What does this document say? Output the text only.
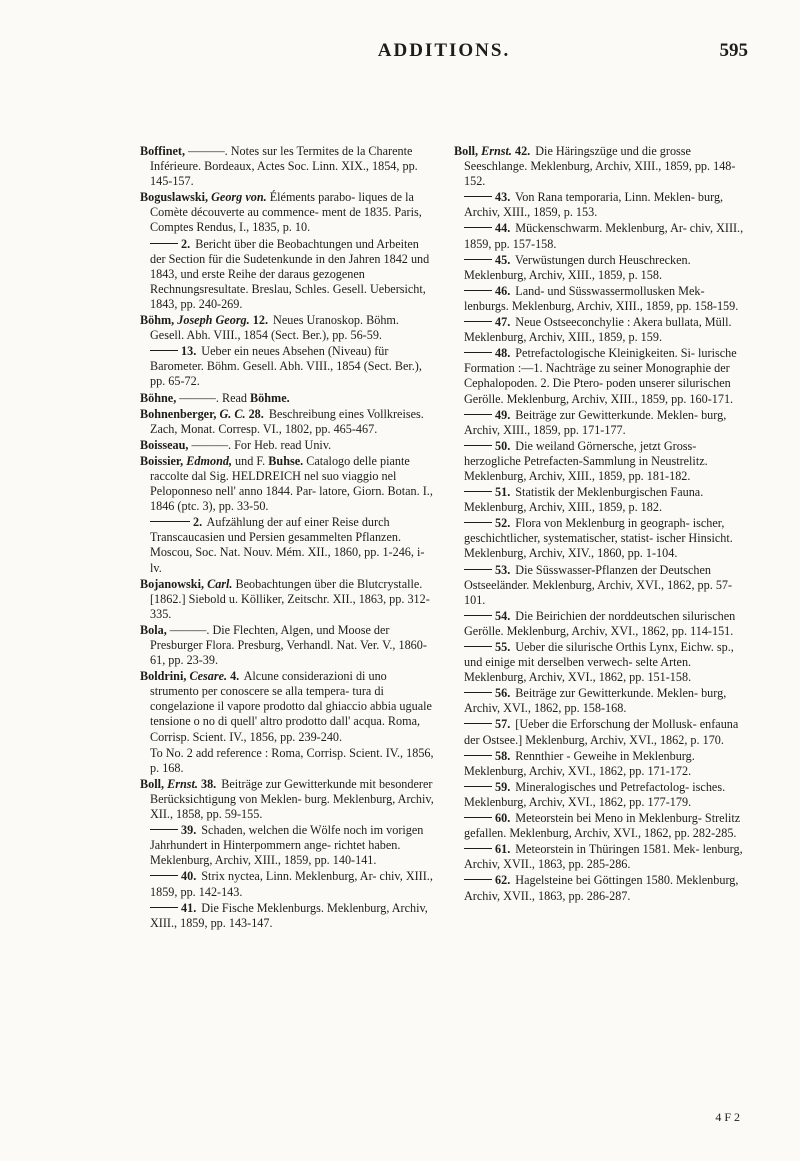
ADDITIONS.	595
Boffinet, ———. Notes sur les Termites de la Charente Inférieure. Bordeaux, Actes Soc. Linn. XIX., 1854, pp. 145-157.
Boguslawski, Georg von. Éléments parabo- liques de la Comète découverte au commence- ment de 1835. Paris, Comptes Rendus, I., 1835, p. 10.
2. Bericht über die Beobachtungen und Arbeiten der Section für die Sudetenkunde in den Jahren 1842 und 1843, und erste Reihe der daraus gezogenen Rechnungsresultate. Breslau, Schles. Gesell. Uebersicht, 1843, pp. 240-269.
Böhm, Joseph Georg. 12. Neues Uranoskop. Böhm. Gesell. Abh. VIII., 1854 (Sect. Ber.), pp. 56-59.
13. Ueber ein neues Absehen (Niveau) für Barometer. Böhm. Gesell. Abh. VIII., 1854 (Sect. Ber.), pp. 65-72.
Böhne, ———. Read Böhme.
Bohnenberger, G. C. 28. Beschreibung eines Vollkreises. Zach, Monat. Corresp. VI., 1802, pp. 465-467.
Boisseau, ———. For Heb. read Univ.
Boissier, Edmond, und F. Buhse. Catalogo delle piante raccolte dal Sig. HELDREICH nel suo viaggio nel Peloponneso nell' anno 1844. Par- latore, Giorn. Botan. I., 1846 (ptc. 3), pp. 33-50.
2. Aufzählung der auf einer Reise durch Transcaucasien und Persien gesammelten Pflanzen. Moscou, Soc. Nat. Nouv. Mém. XII., 1860, pp. 1-246, i-lv.
Bojanowski, Carl. Beobachtungen über die Blutcrystalle. [1862.] Siebold u. Kölliker, Zeitschr. XII., 1863, pp. 312-335.
Bola, ———. Die Flechten, Algen, und Moose der Presburger Flora. Presburg, Verhandl. Nat. Ver. V., 1860-61, pp. 23-39.
Boldrini, Cesare. 4. Alcune considerazioni di uno strumento per conoscere se alla tempera- tura di congelazione il vapore prodotto dal ghiaccio abbia uguale tensione o no di quell' altro prodotto dall' acqua. Roma, Corrisp. Scient. IV., 1856, pp. 239-240.
To No. 2 add reference : Roma, Corrisp. Scient. IV., 1856, p. 168.
Boll, Ernst. 38. Beiträge zur Gewitterkunde mit besonderer Berücksichtigung von Meklen- burg. Meklenburg, Archiv, XII., 1858, pp. 59-155.
39. Schaden, welchen die Wölfe noch im vorigen Jahrhundert in Hinterpommern ange- richtet haben. Meklenburg, Archiv, XIII., 1859, pp. 140-141.
40. Strix nyctea, Linn. Meklenburg, Ar- chiv, XIII., 1859, pp. 142-143.
41. Die Fische Meklenburgs. Meklenburg, Archiv, XIII., 1859, pp. 143-147.
Boll, Ernst. 42. Die Häringszüge und die grosse Seeschlange. Meklenburg, Archiv, XIII., 1859, pp. 148-152.
43. Von Rana temporaria, Linn. Meklen- burg, Archiv, XIII., 1859, p. 153.
44. Mückenschwarm. Meklenburg, Ar- chiv, XIII., 1859, pp. 157-158.
45. Verwüstungen durch Heuschrecken. Meklenburg, Archiv, XIII., 1859, p. 158.
46. Land- und Süsswassermollusken Mek- lenburgs. Meklenburg, Archiv, XIII., 1859, pp. 158-159.
47. Neue Ostseeconchylie : Akera bullata, Müll. Meklenburg, Archiv, XIII., 1859, p. 159.
48. Petrefactologische Kleinigkeiten. Si- lurische Formation :—1. Nachträge zu seiner Monographie der Cephalopoden. 2. Die Ptero- poden unserer silurischen Gerölle. Meklenburg, Archiv, XIII., 1859, pp. 160-171.
49. Beiträge zur Gewitterkunde. Meklen- burg, Archiv, XIII., 1859, pp. 171-177.
50. Die weiland Görnersche, jetzt Gross- herzogliche Petrefacten-Sammlung in Neustrelitz. Meklenburg, Archiv, XIII., 1859, pp. 181-182.
51. Statistik der Meklenburgischen Fauna. Meklenburg, Archiv, XIII., 1859, p. 182.
52. Flora von Meklenburg in geograph- ischer, geschichtlicher, systematischer, statist- ischer Hinsicht. Meklenburg, Archiv, XIV., 1860, pp. 1-104.
53. Die Süsswasser-Pflanzen der Deutschen Ostseeländer. Meklenburg, Archiv, XVI., 1862, pp. 57-101.
54. Die Beirichien der norddeutschen silurischen Gerölle. Meklenburg, Archiv, XVI., 1862, pp. 114-151.
55. Ueber die silurische Orthis Lynx, Eichw. sp., und einige mit derselben verwech- selte Arten. Meklenburg, Archiv, XVI., 1862, pp. 151-158.
56. Beiträge zur Gewitterkunde. Meklen- burg, Archiv, XVI., 1862, pp. 158-168.
57. [Ueber die Erforschung der Mollusk- enfauna der Ostsee.] Meklenburg, Archiv, XVI., 1862, p. 170.
58. Rennthier - Geweihe in Meklenburg. Meklenburg, Archiv, XVI., 1862, pp. 171-172.
59. Mineralogisches und Petrefactolog- isches. Meklenburg, Archiv, XVI., 1862, pp. 177-179.
60. Meteorstein bei Meno in Meklenburg- Strelitz gefallen. Meklenburg, Archiv, XVI., 1862, pp. 282-285.
61. Meteorstein in Thüringen 1581. Mek- lenburg, Archiv, XVII., 1863, pp. 285-286.
62. Hagelsteine bei Göttingen 1580. Meklenburg, Archiv, XVII., 1863, pp. 286-287.
4 F 2
